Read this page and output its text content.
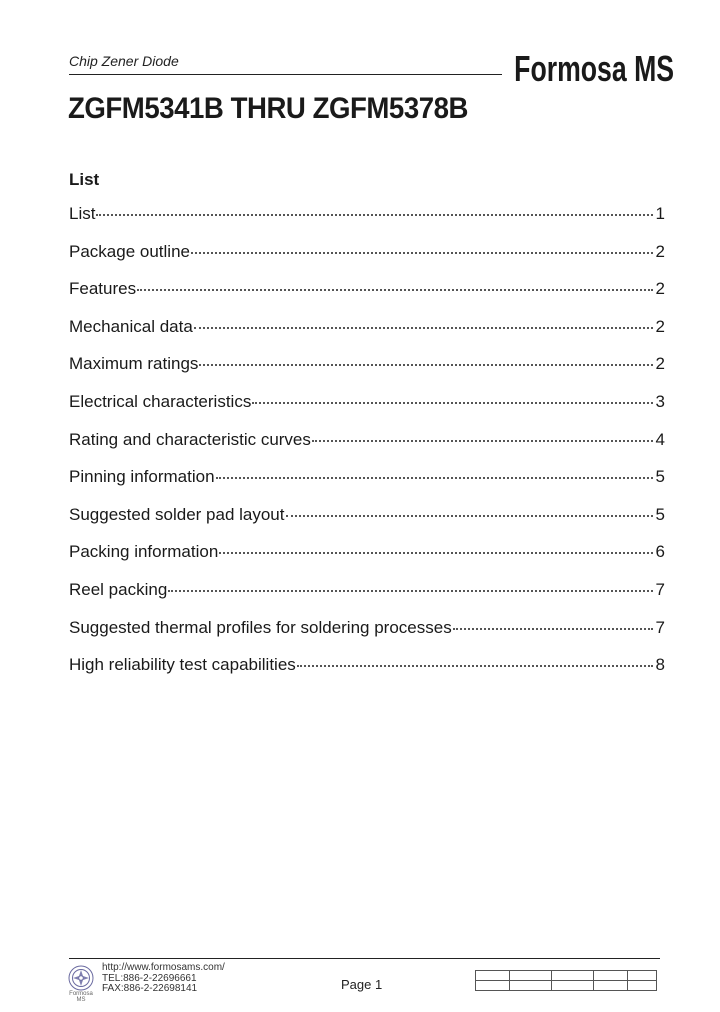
Chip Zener Diode	Formosa MS
ZGFM5341B THRU ZGFM5378B
List
List	1
Package outline	2
Features	2
Mechanical data	2
Maximum ratings	2
Electrical characteristics	3
Rating and characteristic curves	4
Pinning information	5
Suggested solder pad layout	5
Packing information	6
Reel packing	7
Suggested thermal profiles for soldering processes	7
High reliability test capabilities	8
Formosa MS
http://www.formosams.com/
TEL:886-2-22696661
FAX:886-2-22698141	Page 1
